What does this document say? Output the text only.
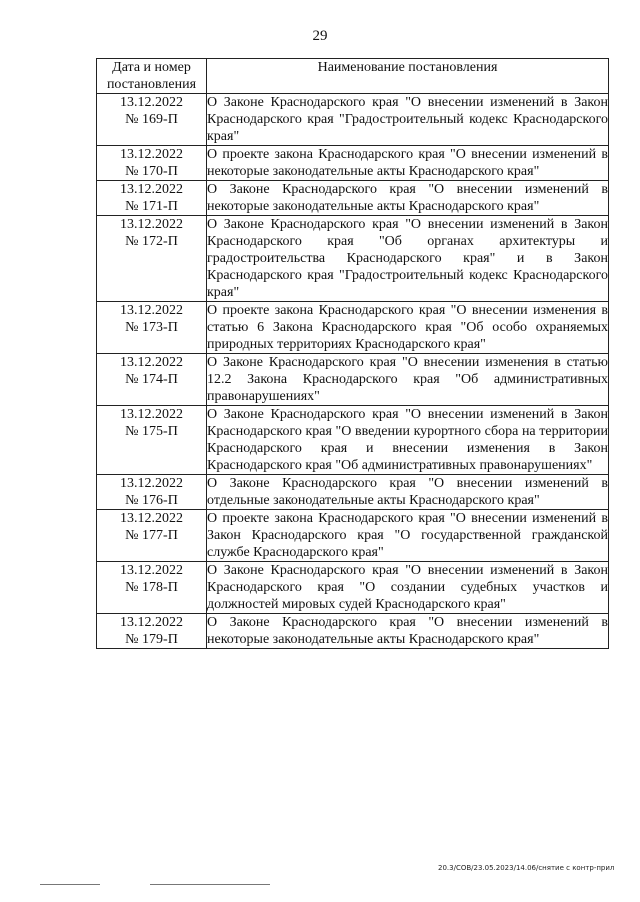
29
Дата и номер постановления	Наименование постановления

13.12.2022
№ 169-П	О Законе Краснодарского края "О внесении изменений в Закон Краснодарского края "Градостроительный кодекс Краснодарского края"

13.12.2022
№ 170-П	О проекте закона Краснодарского края "О внесении изменений в некоторые законодательные акты Краснодарского края"

13.12.2022
№ 171-П	О Законе Краснодарского края "О внесении изменений в некоторые законодательные акты Краснодарского края"

13.12.2022
№ 172-П	О Законе Краснодарского края "О внесении изменений в Закон Краснодарского края "Об органах архитектуры и градостроительства Краснодарского края" и в Закон Краснодарского края "Градостроительный кодекс Краснодарского края"

13.12.2022
№ 173-П	О проекте закона Краснодарского края "О внесении изменения в статью 6 Закона Краснодарского края "Об особо охраняемых природных территориях Краснодарского края"

13.12.2022
№ 174-П	О Законе Краснодарского края "О внесении изменения в статью 12.2 Закона Краснодарского края "Об административных правонарушениях"

13.12.2022
№ 175-П	О Законе Краснодарского края "О внесении изменений в Закон Краснодарского края "О введении курортного сбора на территории Краснодарского края и внесении изменения в Закон Краснодарского края "Об административных правонарушениях"

13.12.2022
№ 176-П	О Законе Краснодарского края "О внесении изменений в отдельные законодательные акты Краснодарского края"

13.12.2022
№ 177-П	О проекте закона Краснодарского края "О внесении изменений в Закон Краснодарского края "О государственной гражданской службе Краснодарского края"

13.12.2022
№ 178-П	О Законе Краснодарского края "О внесении изменений в Закон Краснодарского края "О создании судебных участков и должностей мировых судей Краснодарского края"

13.12.2022
№ 179-П	О Законе Краснодарского края "О внесении изменений в некоторые законодательные акты Краснодарского края"
20.3/СОВ/23.05.2023/14.06/снятие с контр-прил
